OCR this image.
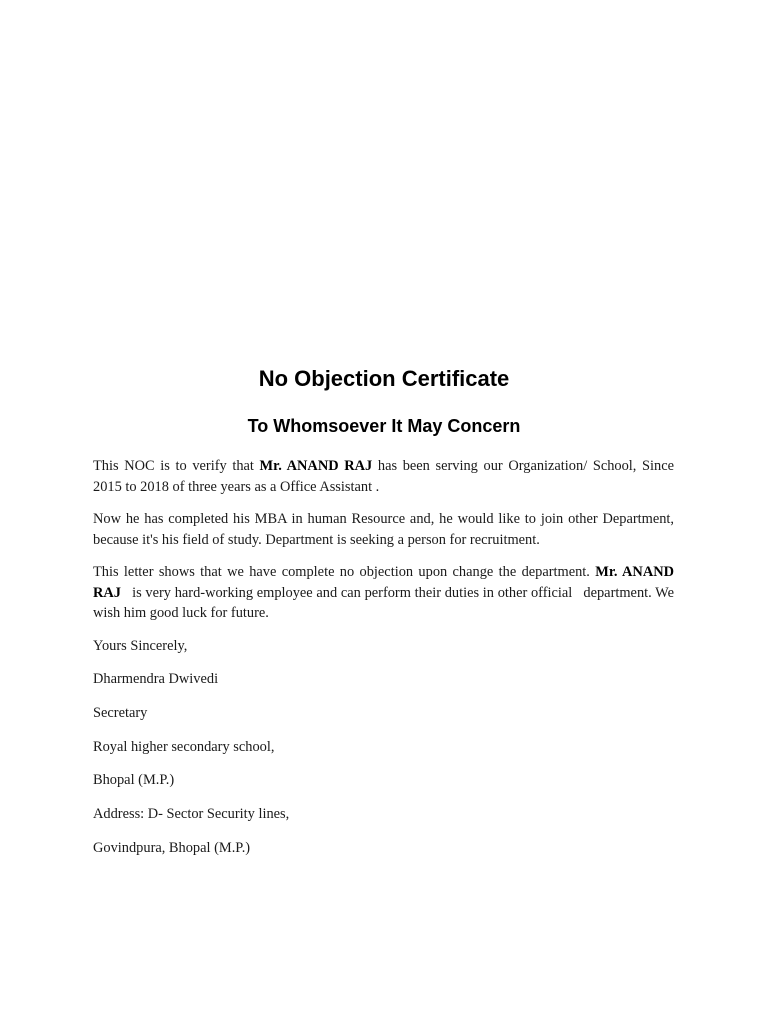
No Objection Certificate
To Whomsoever It May Concern

This NOC is to verify that Mr. ANAND RAJ has been serving our Organization/ School, Since 2015 to 2018 of three years as a Office Assistant .

Now he has completed his MBA in human Resource and, he would like to join other Department, because it's his field of study. Department is seeking a person for recruitment.

This letter shows that we have complete no objection upon change the department. Mr. ANAND RAJ   is very hard-working employee and can perform their duties in other official   department. We wish him good luck for future.

Yours Sincerely,
Dharmendra Dwivedi
Secretary
Royal higher secondary school,
Bhopal (M.P.)
Address: D- Sector Security lines,
Govindpura, Bhopal (M.P.)
